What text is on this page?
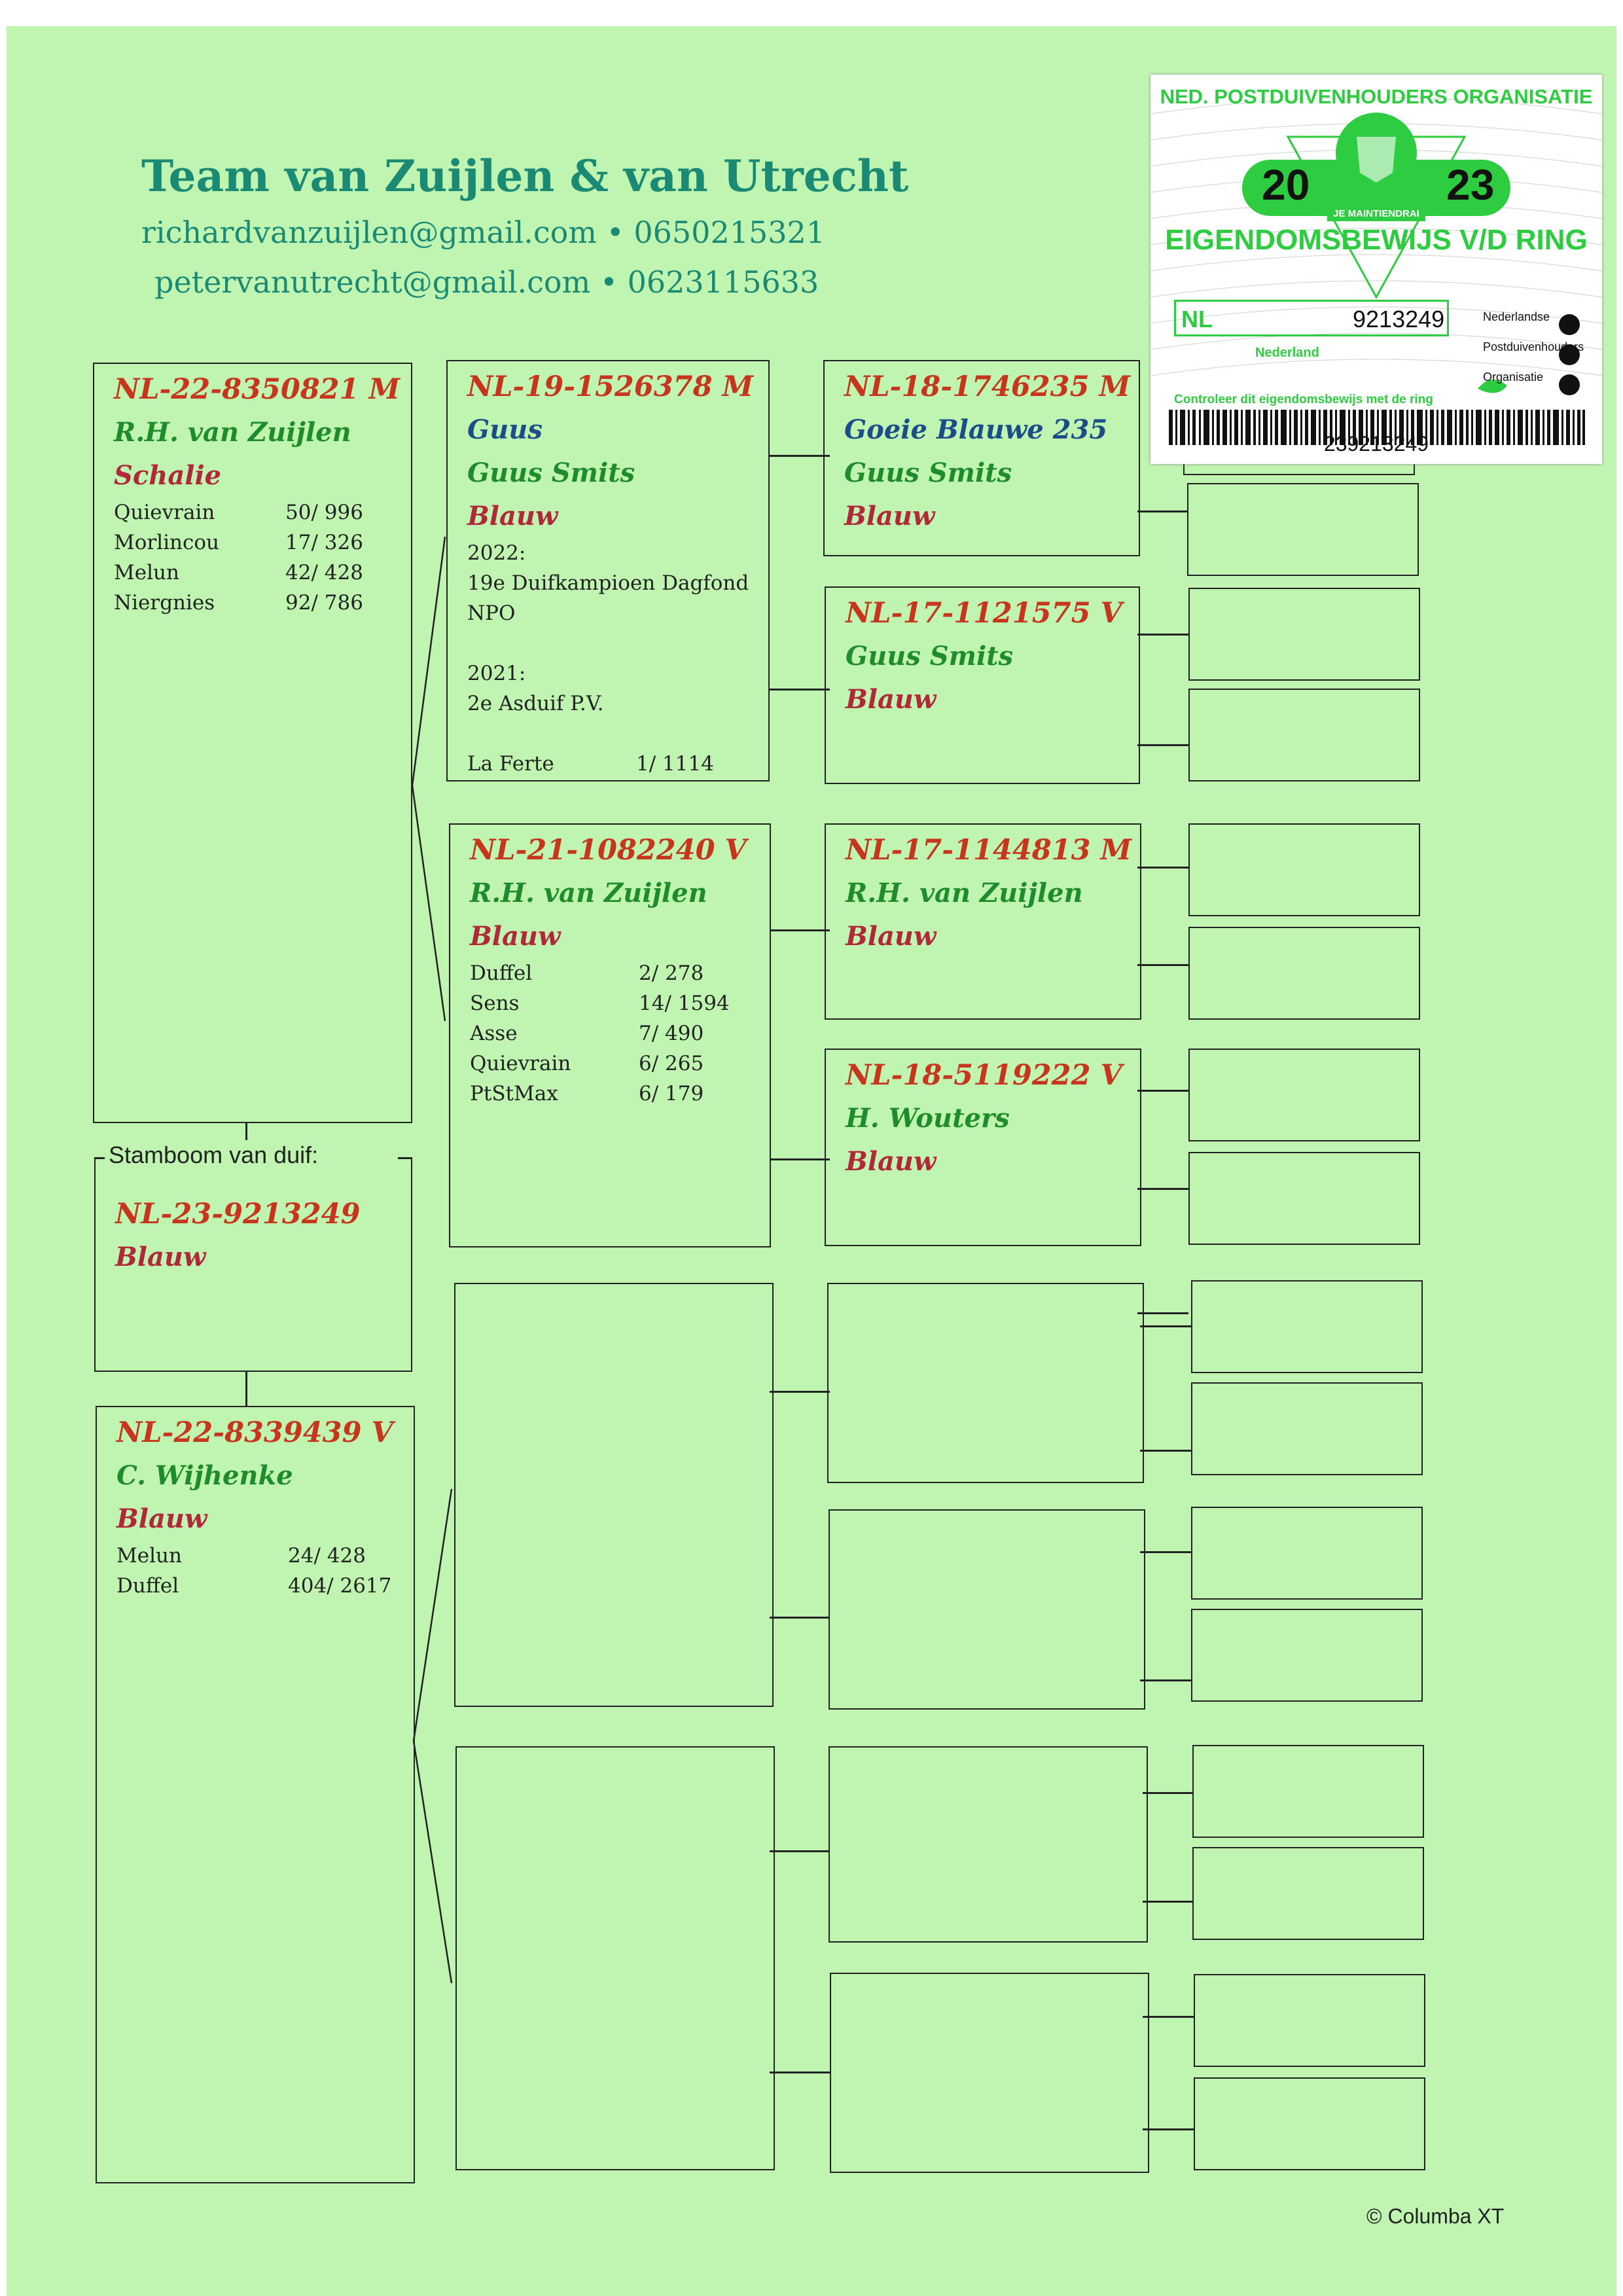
Team van Zuijlen & van Utrecht
richardvanzuijlen@gmail.com • 0650215321
petervanutrecht@gmail.com • 0623115633
NL-22-8350821 M
R.H. van Zuijlen
Schalie
Quievrain	50/ 996
Morlincou	17/ 326
Melun	42/ 428
Niergnies	92/ 786
NL-23-9213249
Blauw
Stamboom van duif:
NL-22-8339439 V
C. Wijhenke
Blauw
Melun	24/ 428
Duffel	404/ 2617
NL-19-1526378 M
Guus
Guus Smits
Blauw
2022:
19e Duifkampioen Dagfond
NPO
2021:
2e Asduif P.V.
La Ferte	1/ 1114
NL-21-1082240 V
R.H. van Zuijlen
Blauw
Duffel	2/ 278
Sens	14/ 1594
Asse	7/ 490
Quievrain	6/ 265
PtStMax	6/ 179
NL-18-1746235 M
Goeie Blauwe 235
Guus Smits
Blauw
NL-17-1121575 V
Guus Smits
Blauw
NL-17-1144813 M
R.H. van Zuijlen
Blauw
NL-18-5119222 V
H. Wouters
Blauw
NED. POSTDUIVENHOUDERS ORGANISATIE
20	23
JE MAINTIENDRAI
EIGENDOMSBEWIJS V/D RING
NL	9213249
Nederland
Nederlandse
Postduivenhouders
Organisatie
Controleer dit eigendomsbewijs met de ring
239213249
© Columba XT
